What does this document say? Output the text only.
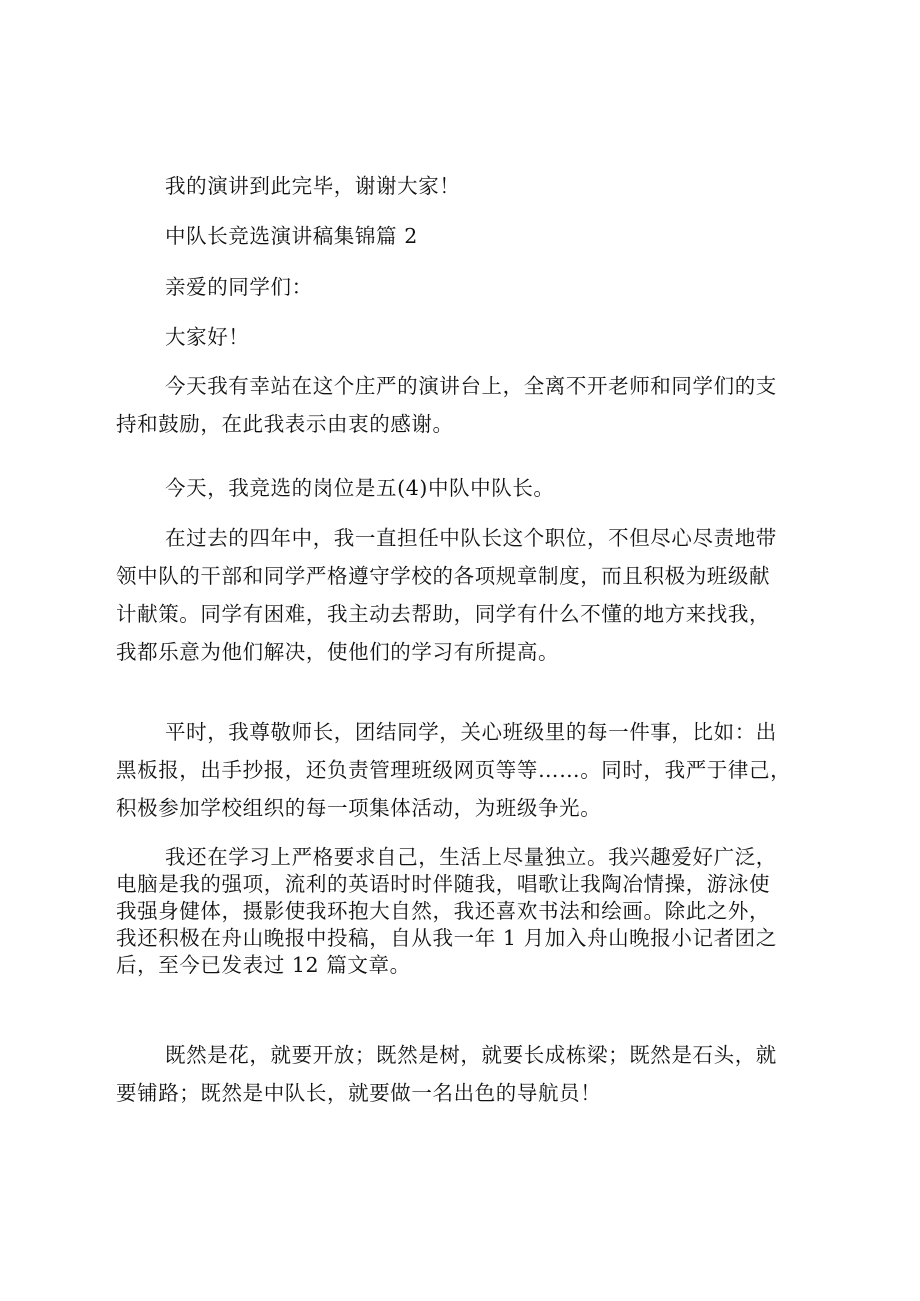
我的演讲到此完毕，谢谢大家！

中队长竞选演讲稿集锦篇 2

亲爱的同学们：

大家好！

今天我有幸站在这个庄严的演讲台上，全离不开老师和同学们的支
持和鼓励，在此我表示由衷的感谢。

今天，我竞选的岗位是五(4)中队中队长。

在过去的四年中，我一直担任中队长这个职位，不但尽心尽责地带
领中队的干部和同学严格遵守学校的各项规章制度，而且积极为班级献
计献策。同学有困难，我主动去帮助，同学有什么不懂的地方来找我，
我都乐意为他们解决，使他们的学习有所提高。

平时，我尊敬师长，团结同学，关心班级里的每一件事，比如：出
黑板报，出手抄报，还负责管理班级网页等等……。同时，我严于律己，
积极参加学校组织的每一项集体活动，为班级争光。

我还在学习上严格要求自己，生活上尽量独立。我兴趣爱好广泛，
电脑是我的强项，流利的英语时时伴随我，唱歌让我陶冶情操，游泳使
我强身健体，摄影使我环抱大自然，我还喜欢书法和绘画。除此之外，
我还积极在舟山晚报中投稿，自从我一年 1 月加入舟山晚报小记者团之
后，至今已发表过 12 篇文章。

既然是花，就要开放；既然是树，就要长成栋梁；既然是石头，就
要铺路；既然是中队长，就要做一名出色的导航员！
